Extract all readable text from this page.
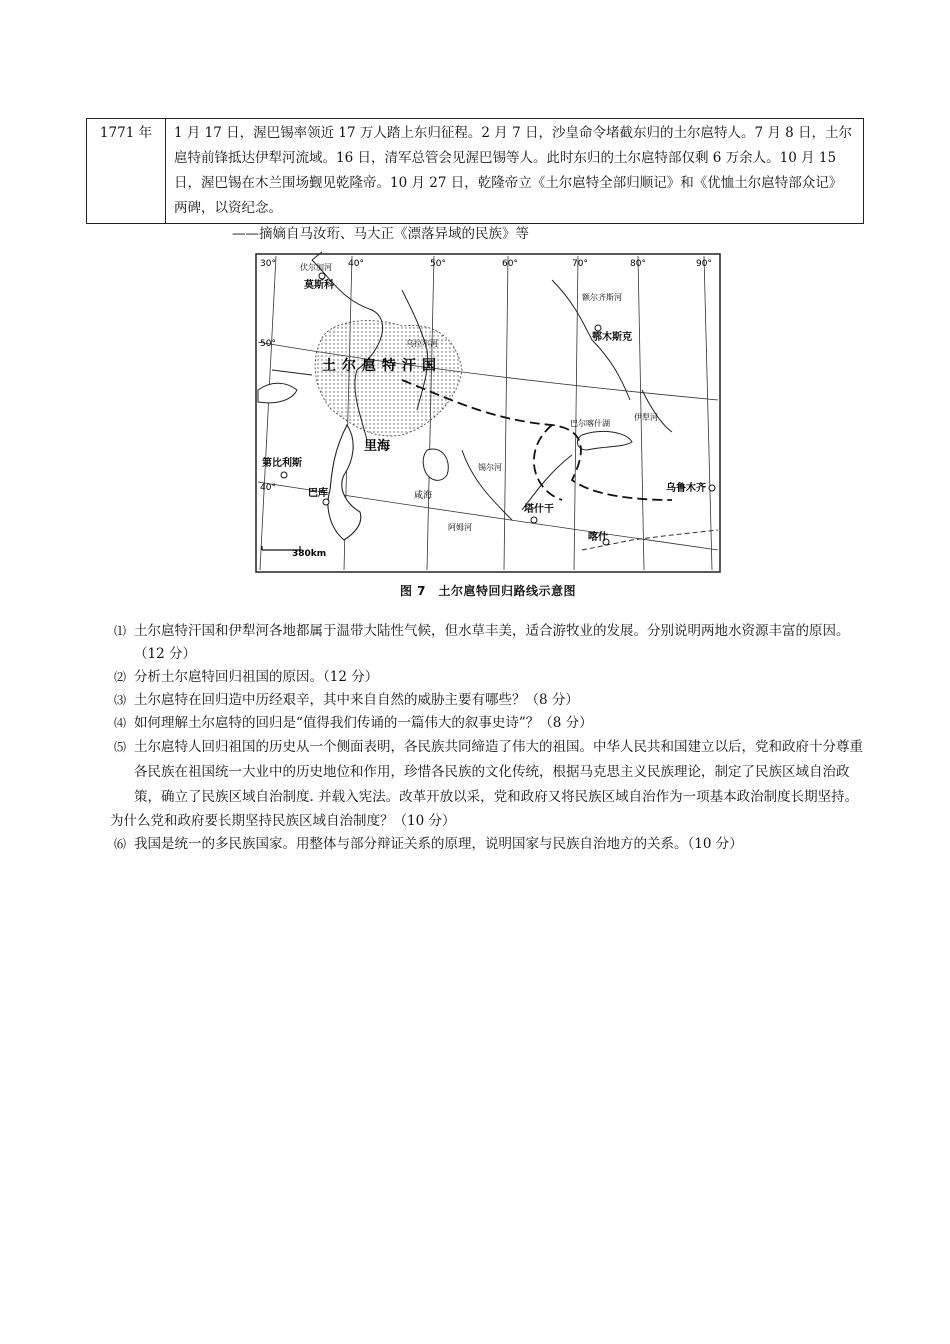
1771 年	1 月 17 日，渥巴锡率领近 17 万人踏上东归征程。2 月 7 日，沙皇命令堵截东归的土尔扈特人。7 月 8 日，土尔扈特前锋抵达伊犁河流域。16 日，清军总管会见渥巴锡等人。此时东归的土尔扈特部仅剩 6 万余人。10 月 15 日，渥巴锡在木兰围场觐见乾隆帝。10 月 27 日，乾隆帝立《土尔扈特全部归顺记》和《优恤土尔扈特部众记》两碑，以资纪念。
——摘嫡自马汝珩、马大正《漂落异域的民族》等
30°	40°	50°	60°	70°	80°	90°
50°
40°
莫斯科
鄂木斯克
第比利斯
巴库
塔什干
乌鲁木齐
喀什
土尔扈特汗国
伏尔加河
乌拉尔河
额尔齐斯河
伊犁河
巴尔喀什湖
里海
咸海
锡尔河
阿姆河
380km
图 7　土尔扈特回归路线示意图

⑴ 土尔扈特汗国和伊犁河各地都属于温带大陆性气候，但水草丰美，适合游牧业的发展。分别说明两地水资源丰富的原因。（12 分）

⑵ 分析土尔扈特回归祖国的原因。（12 分）

⑶ 土尔扈特在回归造中历经艰辛，其中来自自然的威胁主要有哪些？（8 分）

⑷ 如何理解土尔扈特的回归是“值得我们传诵的一篇伟大的叙事史诗”？（8 分）

⑸ 土尔扈特人回归祖国的历史从一个侧面表明，各民族共同缔造了伟大的祖国。中华人民共和国建立以后，党和政府十分尊重各民族在祖国统一大业中的历史地位和作用，珍惜各民族的文化传统，根据马克思主义民族理论，制定了民族区域自治政策，确立了民族区域自治制度. 并载入宪法。改革开放以采，党和政府又将民族区域自治作为一项基本政治制度长期坚持。

为什么党和政府要长期坚持民族区域自治制度？（10 分）

⑹ 我国是统一的多民族国家。用整体与部分辩证关系的原理，说明国家与民族自治地方的关系。（10 分）
